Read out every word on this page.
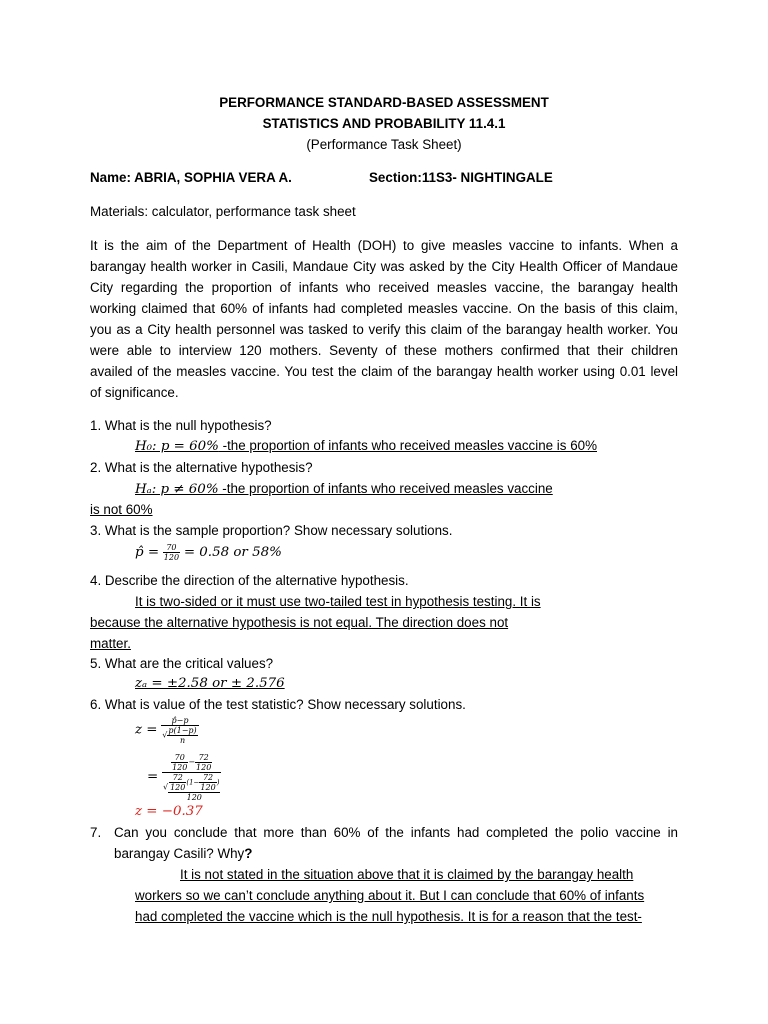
PERFORMANCE STANDARD-BASED ASSESSMENT
STATISTICS AND PROBABILITY 11.4.1
(Performance Task Sheet)
Name: ABRIA, SOPHIA VERA A.	Section:11S3- NIGHTINGALE
Materials: calculator, performance task sheet
It is the aim of the Department of Health (DOH) to give measles vaccine to infants. When a
barangay health worker in Casili, Mandaue City was asked by the City Health Officer of Mandaue
City regarding the proportion of infants who received measles vaccine, the barangay health
working claimed that 60% of infants had completed measles vaccine. On the basis of this claim,
you as a City health personnel was tasked to verify this claim of the barangay health worker. You
were able to interview 120 mothers. Seventy of these mothers confirmed that their children
availed of the measles vaccine. You test the claim of the barangay health worker using 0.01 level
of significance.
1. What is the null hypothesis?
H₀: p = 60% -the proportion of infants who received measles vaccine is 60%
2. What is the alternative hypothesis?
Hₐ: p ≠ 60% -the proportion of infants who received measles vaccine
is not 60%
3. What is the sample proportion? Show necessary solutions.
p̂ = $\frac{70}{120} = 0.58$ or 58%
4. Describe the direction of the alternative hypothesis.
It is two-sided or it must use two-tailed test in hypothesis testing. It is
because the alternative hypothesis is not equal. The direction does not
matter.
5. What are the critical values?
zₐ = ±2.58 or ± 2.576
6. What is value of the test statistic? Show necessary solutions.
$z = \frac{p̂-p}{√ \frac{p(1-p)}{n}}$
= $\frac{\frac{70}{120} - \frac{72}{120}}{√ \frac{\frac{72}{120} (1- \frac{72}{120} )}{120}}$
z = −0.37
7. Can you conclude that more than 60% of the infants had completed the polio vaccine in
barangay Casili? Why?
It is not stated in the situation above that it is claimed by the barangay health
workers so we can’t conclude anything about it. But I can conclude that 60% of infants
had completed the vaccine which is the null hypothesis. It is for a reason that the test-
